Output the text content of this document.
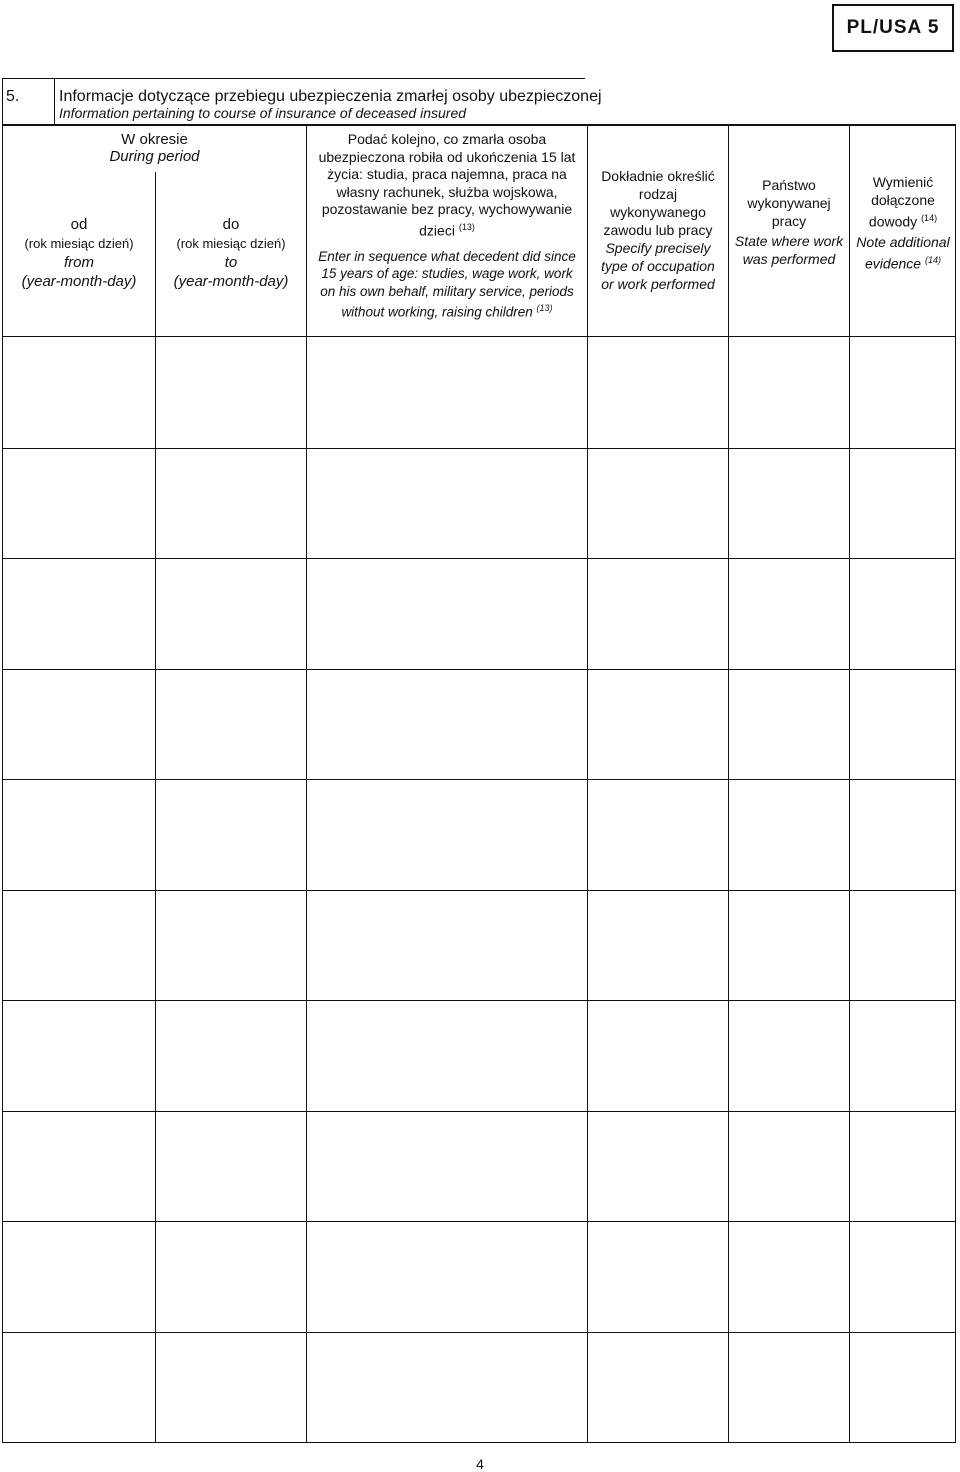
PL/USA 5
5. Informacje dotyczące przebiegu ubezpieczenia zmarłej osoby ubezpieczonej
Information pertaining to course of insurance of deceased insured
W okresie
During period
od
(rok miesiąc dzień)
from
(year-month-day)
do
(rok miesiąc dzień)
to
(year-month-day)
Podać kolejno, co zmarła osoba ubezpieczona robiła od ukończenia 15 lat życia: studia, praca najemna, praca na własny rachunek, służba wojskowa, pozostawanie bez pracy, wychowywanie dzieci $^{(13)}$
Enter in sequence what decedent did since 15 years of age: studies, wage work, work on his own behalf, military service, periods without working, raising children $^{(13)}$
Dokładnie określić rodzaj wykonywanego zawodu lub pracy
Specify precisely type of occupation or work performed
Państwo wykonywanej pracy
State where work was performed
Wymienić dołączone dowody $^{(14)}$
Note additional evidence $^{(14)}$
4
